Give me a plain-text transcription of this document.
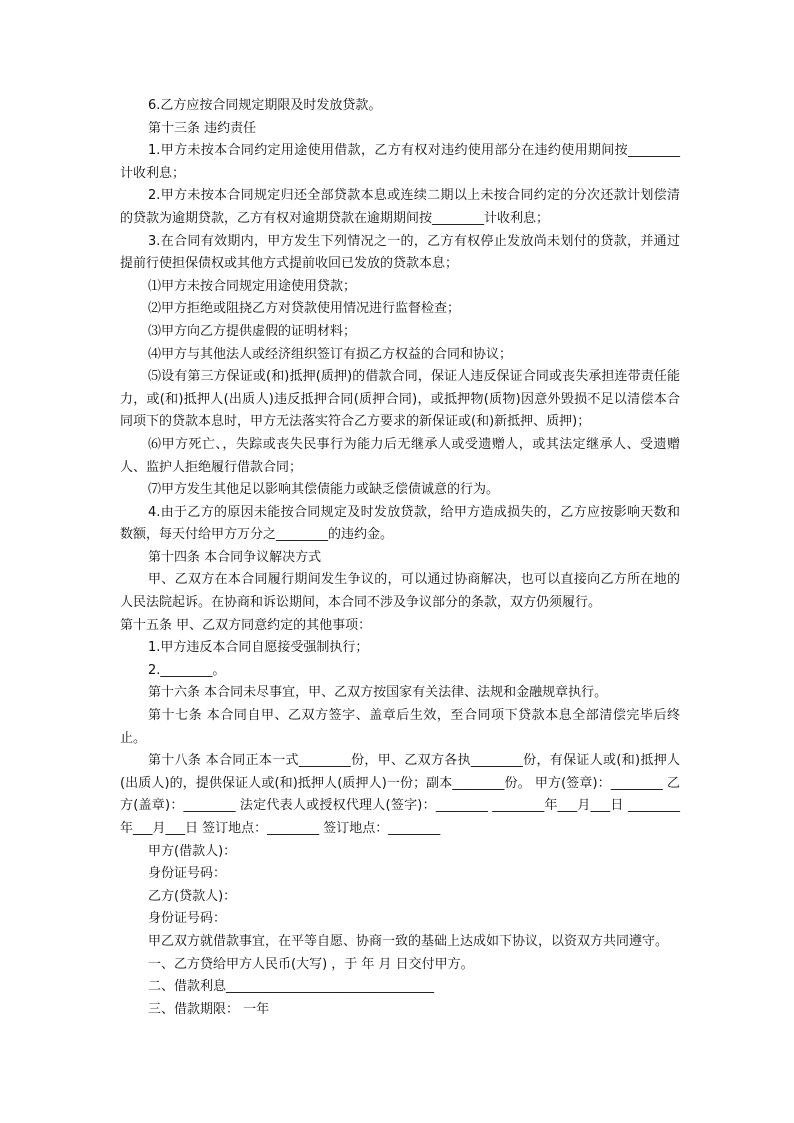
6.乙方应按合同规定期限及时发放贷款。

第十三条 违约责任

1.甲方未按本合同约定用途使用借款，乙方有权对违约使用部分在违约使用期间按________计收利息；

2.甲方未按本合同规定归还全部贷款本息或连续二期以上未按合同约定的分次还款计划偿清的贷款为逾期贷款，乙方有权对逾期贷款在逾期期间按________计收利息；

3.在合同有效期内，甲方发生下列情况之一的，乙方有权停止发放尚未划付的贷款，并通过提前行使担保债权或其他方式提前收回已发放的贷款本息；

⑴甲方未按合同规定用途使用贷款；

⑵甲方拒绝或阻挠乙方对贷款使用情况进行监督检查；

⑶甲方向乙方提供虚假的证明材料；

⑷甲方与其他法人或经济组织签订有损乙方权益的合同和协议；

⑸设有第三方保证或(和)抵押(质押)的借款合同，保证人违反保证合同或丧失承担连带责任能力，或(和)抵押人(出质人)违反抵押合同(质押合同)，或抵押物(质物)因意外毁损不足以清偿本合同项下的贷款本息时，甲方无法落实符合乙方要求的新保证或(和)新抵押、质押)；

⑹甲方死亡、，失踪或丧失民事行为能力后无继承人或受遗赠人，或其法定继承人、受遗赠人、监护人拒绝履行借款合同；

⑺甲方发生其他足以影响其偿债能力或缺乏偿债诚意的行为。

4.由于乙方的原因未能按合同规定及时发放贷款，给甲方造成损失的，乙方应按影响天数和数额，每天付给甲方万分之________的违约金。

第十四条 本合同争议解决方式

甲、乙双方在本合同履行期间发生争议的，可以通过协商解决，也可以直接向乙方所在地的人民法院起诉。在协商和诉讼期间，本合同不涉及争议部分的条款，双方仍须履行。

第十五条 甲、乙双方同意约定的其他事项：

1.甲方违反本合同自愿接受强制执行；

2.________。

第十六条 本合同未尽事宜，甲、乙双方按国家有关法律、法规和金融规章执行。

第十七条 本合同自甲、乙双方签字、盖章后生效，至合同项下贷款本息全部清偿完毕后终止。

第十八条 本合同正本一式________份，甲、乙双方各执________份，有保证人或(和)抵押人(出质人)的，提供保证人或(和)抵押人(质押人)一份；副本________份。 甲方(签章)：________ 乙方(盖章)：________ 法定代表人或授权代理人(签字)：________ ________年___月___日 ________年___月___日 签订地点：________ 签订地点：________

甲方(借款人)：

身份证号码：

乙方(贷款人)：

身份证号码：

甲乙双方就借款事宜，在平等自愿、协商一致的基础上达成如下协议，以资双方共同遵守。

一、乙方贷给甲方人民币(大写) ，于 年 月 日交付甲方。

二、借款利息________________________________

三、借款期限： 一年
